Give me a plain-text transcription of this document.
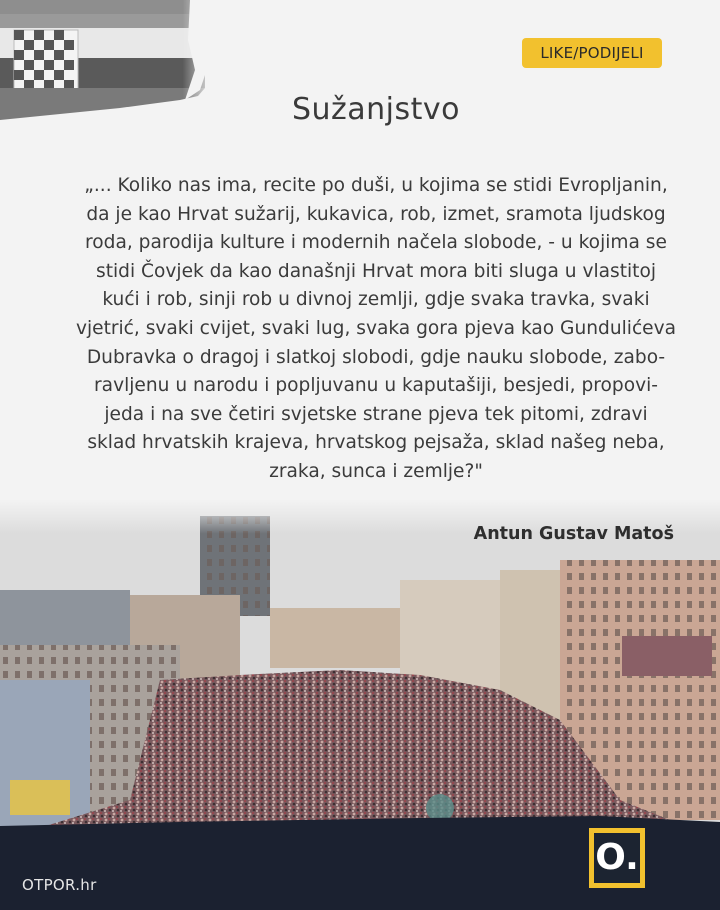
LIKE/PODIJELI
Sužanjstvo

„... Koliko nas ima, recite po duši, u kojima se stidi Evropljanin,
da je kao Hrvat sužarij, kukavica, rob, izmet, sramota ljudskog
roda, parodija kulture i modernih načela slobode, - u kojima se
stidi Čovjek da kao današnji Hrvat mora biti sluga u vlastitoj
kući i rob, sinji rob u divnoj zemlji, gdje svaka travka, svaki
vjetrić, svaki cvijet, svaki lug, svaka gora pjeva kao Gundulićeva
Dubravka o dragoj i slatkoj slobodi, gdje nauku slobode, zabo-
ravljenu u narodu i popljuvanu u kaputašiji, besjedi, propovi-
jeda i na sve četiri svjetske strane pjeva tek pitomi, zdravi
sklad hrvatskih krajeva, hrvatskog pejsaža, sklad našeg neba,
zraka, sunca i zemlje?"

Antun Gustav Matoš
OTPOR.hr
O.
